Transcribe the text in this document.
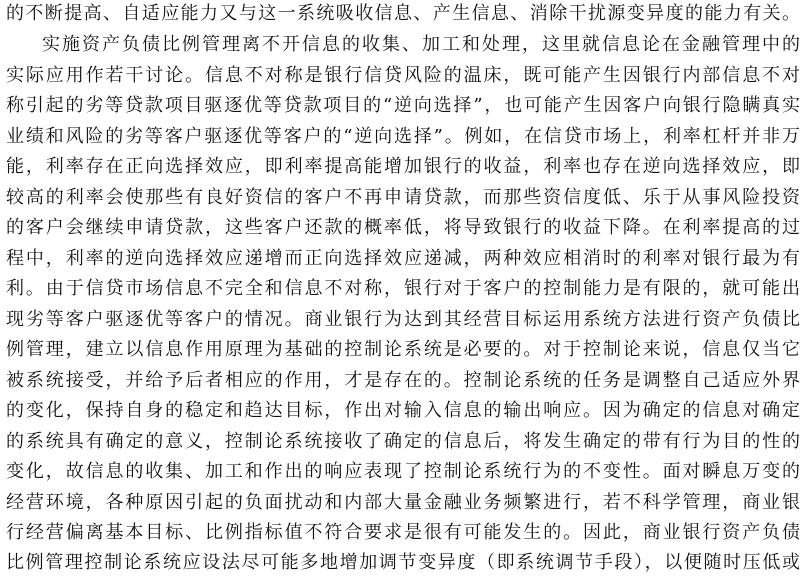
的不断提高、自适应能力又与这一系统吸收信息、产生信息、消除干扰源变异度的能力有关。
实施资产负债比例管理离不开信息的收集、加工和处理，这里就信息论在金融管理中的
实际应用作若干讨论。信息不对称是银行信贷风险的温床，既可能产生因银行内部信息不对
称引起的劣等贷款项目驱逐优等贷款项目的“逆向选择”，也可能产生因客户向银行隐瞒真实
业绩和风险的劣等客户驱逐优等客户的“逆向选择”。例如，在信贷市场上，利率杠杆并非万
能，利率存在正向选择效应，即利率提高能增加银行的收益，利率也存在逆向选择效应，即
较高的利率会使那些有良好资信的客户不再申请贷款，而那些资信度低、乐于从事风险投资
的客户会继续申请贷款，这些客户还款的概率低，将导致银行的收益下降。在利率提高的过
程中，利率的逆向选择效应递增而正向选择效应递减，两种效应相消时的利率对银行最为有
利。由于信贷市场信息不完全和信息不对称，银行对于客户的控制能力是有限的，就可能出
现劣等客户驱逐优等客户的情况。商业银行为达到其经营目标运用系统方法进行资产负债比
例管理，建立以信息作用原理为基础的控制论系统是必要的。对于控制论来说，信息仅当它
被系统接受，并给予后者相应的作用，才是存在的。控制论系统的任务是调整自己适应外界
的变化，保持自身的稳定和趋达目标，作出对输入信息的输出响应。因为确定的信息对确定
的系统具有确定的意义，控制论系统接收了确定的信息后，将发生确定的带有行为目的性的
变化，故信息的收集、加工和作出的响应表现了控制论系统行为的不变性。面对瞬息万变的
经营环境，各种原因引起的负面扰动和内部大量金融业务频繁进行，若不科学管理，商业银
行经营偏离基本目标、比例指标值不符合要求是很有可能发生的。因此，商业银行资产负债
比例管理控制论系统应设法尽可能多地增加调节变异度（即系统调节手段），以便随时压低或
